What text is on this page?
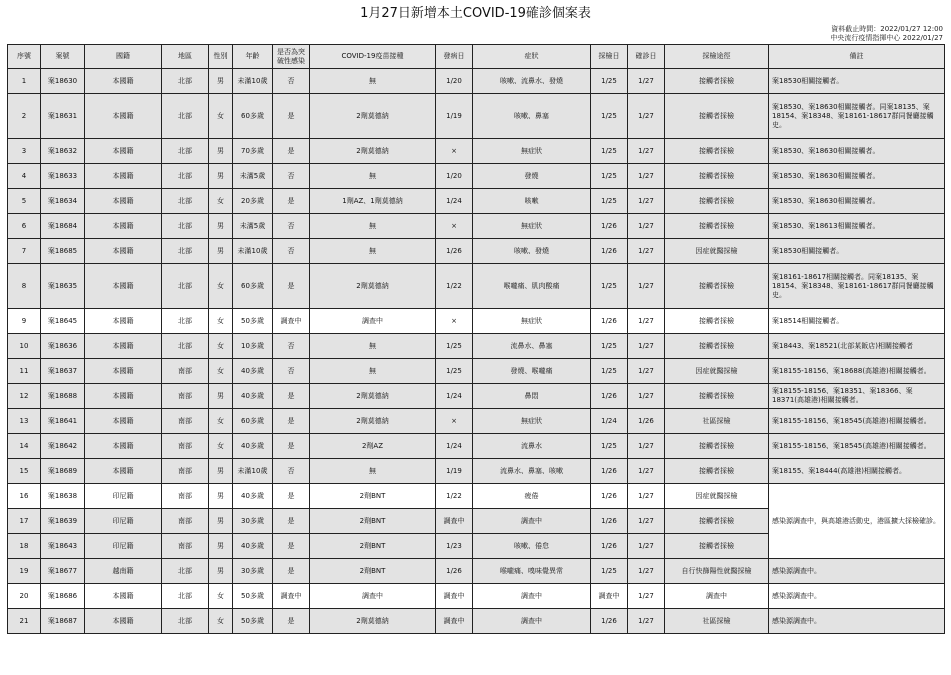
1月27日新增本土COVID-19確診個案表
資料截止時間：2022/01/27 12:00
中央流行疫情指揮中心 2022/01/27
序號	案號	國籍	地區	性別	年齡	是否為突破性感染	COVID-19疫苗接種	發病日	症狀	採檢日	確診日	採檢途徑	備註
1	案18630	本國籍	北部	男	未滿10歲	否	無	1/20	咳嗽、流鼻水、發燒	1/25	1/27	接觸者採檢	案18530相關接觸者。
2	案18631	本國籍	北部	女	60多歲	是	2劑莫德納	1/19	咳嗽、鼻塞	1/25	1/27	接觸者採檢	案18530、案18630相關接觸者。同案18135、案18154、案18348、案18161-18617群同餐廳接觸史。
3	案18632	本國籍	北部	男	70多歲	是	2劑莫德納	×	無症狀	1/25	1/27	接觸者採檢	案18530、案18630相關接觸者。
4	案18633	本國籍	北部	男	未滿5歲	否	無	1/20	發燒	1/25	1/27	接觸者採檢	案18530、案18630相關接觸者。
5	案18634	本國籍	北部	女	20多歲	是	1劑AZ、1劑莫德納	1/24	咳嗽	1/25	1/27	接觸者採檢	案18530、案18630相關接觸者。
6	案18684	本國籍	北部	男	未滿5歲	否	無	×	無症狀	1/26	1/27	接觸者採檢	案18530、案18613相關接觸者。
7	案18685	本國籍	北部	男	未滿10歲	否	無	1/26	咳嗽、發燒	1/26	1/27	因症就醫採檢	案18530相關接觸者。
8	案18635	本國籍	北部	女	60多歲	是	2劑莫德納	1/22	喉嚨痛、肌肉酸痛	1/25	1/27	接觸者採檢	案18161-18617相關接觸者。同案18135、案18154、案18348、案18161-18617群同餐廳接觸史。
9	案18645	本國籍	北部	女	50多歲	調查中	調查中	×	無症狀	1/26	1/27	接觸者採檢	案18514相關接觸者。
10	案18636	本國籍	北部	女	10多歲	否	無	1/25	流鼻水、鼻塞	1/25	1/27	接觸者採檢	案18443、案18521(北部某飯店)相關接觸者
11	案18637	本國籍	南部	女	40多歲	否	無	1/25	發燒、喉嚨痛	1/25	1/27	因症就醫採檢	案18155-18156、案18688(高雄港)相關接觸者。
12	案18688	本國籍	南部	男	40多歲	是	2劑莫德納	1/24	鼻悶	1/26	1/27	接觸者採檢	案18155-18156、案18351、案18366、案18371(高雄港)相關接觸者。
13	案18641	本國籍	南部	女	60多歲	是	2劑莫德納	×	無症狀	1/24	1/26	社區採檢	案18155-18156、案18545(高雄港)相關接觸者。
14	案18642	本國籍	南部	女	40多歲	是	2劑AZ	1/24	流鼻水	1/25	1/27	接觸者採檢	案18155-18156、案18545(高雄港)相關接觸者。
15	案18689	本國籍	南部	男	未滿10歲	否	無	1/19	流鼻水、鼻塞、咳嗽	1/26	1/27	接觸者採檢	案18155、案18444(高雄港)相關接觸者。
16	案18638	印尼籍	南部	男	40多歲	是	2劑BNT	1/22	疲倦	1/26	1/27	因症就醫採檢	感染源調查中，與高雄港活動史，港區擴大採檢確診。
17	案18639	印尼籍	南部	男	30多歲	是	2劑BNT	調查中	調查中	1/26	1/27	接觸者採檢	
18	案18643	印尼籍	南部	男	40多歲	是	2劑BNT	1/23	咳嗽、倦怠	1/26	1/27	接觸者採檢	
19	案18677	越南籍	北部	男	30多歲	是	2劑BNT	1/26	喉嚨痛、嗅味覺異常	1/25	1/27	自行快篩陽性就醫採檢	感染源調查中。
20	案18686	本國籍	北部	女	50多歲	調查中	調查中	調查中	調查中	調查中	1/27	調查中	感染源調查中。
21	案18687	本國籍	北部	女	50多歲	是	2劑莫德納	調查中	調查中	1/26	1/27	社區採檢	感染源調查中。
